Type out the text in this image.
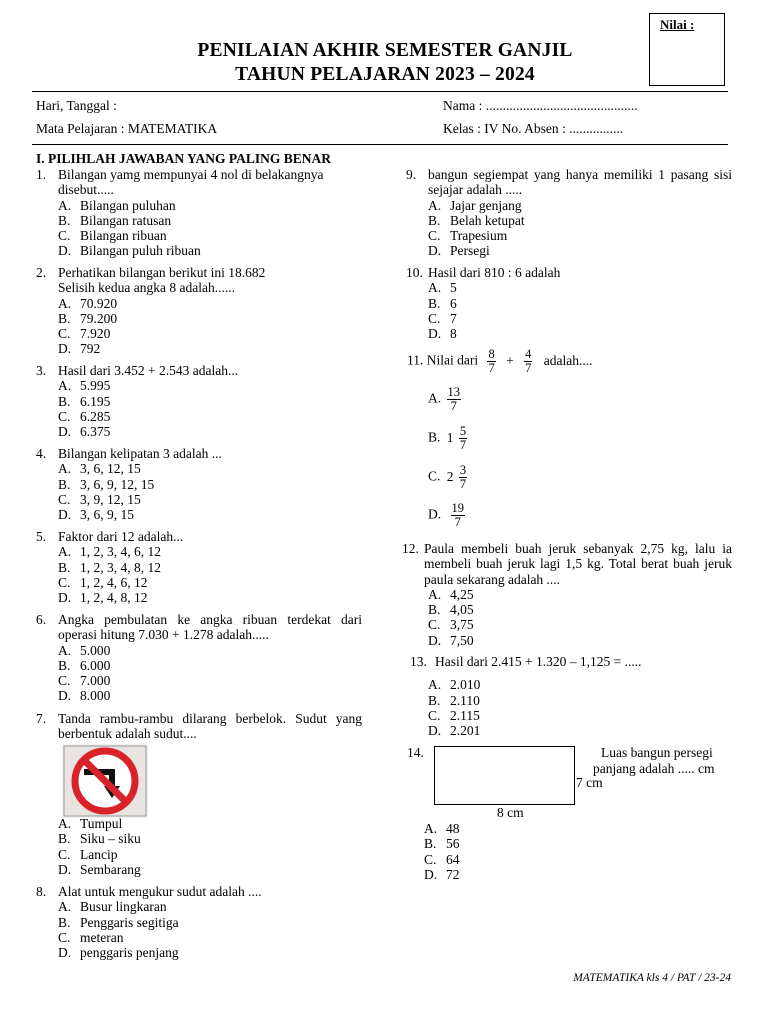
Nilai :
PENILAIAN AKHIR SEMESTER GANJIL
TAHUN PELAJARAN 2023 – 2024
Hari, Tanggal :	Nama : .............................................
Mata Pelajaran : MATEMATIKA	Kelas : IV No. Absen : ................
I. PILIHLAH JAWABAN YANG PALING BENAR
1. Bilangan yamg mempunyai 4 nol di belakangnya disebut.....
A. Bilangan puluhan
B. Bilangan ratusan
C. Bilangan ribuan
D. Bilangan puluh ribuan
2. Perhatikan bilangan berikut ini 18.682
Selisih kedua angka 8 adalah......
A. 70.920
B. 79.200
C. 7.920
D. 792
3. Hasil dari 3.452 + 2.543 adalah...
A. 5.995
B. 6.195
C. 6.285
D. 6.375
4. Bilangan kelipatan 3 adalah ...
A. 3, 6, 12, 15
B. 3, 6, 9, 12, 15
C. 3, 9, 12, 15
D. 3, 6, 9, 15
5. Faktor dari 12 adalah...
A. 1, 2, 3, 4, 6, 12
B. 1, 2, 3, 4, 8, 12
C. 1, 2, 4, 6, 12
D. 1, 2, 4, 8, 12
6. Angka pembulatan ke angka ribuan terdekat dari operasi hitung 7.030 + 1.278 adalah.....
A. 5.000
B. 6.000
C. 7.000
D. 8.000
7. Tanda rambu-rambu dilarang berbelok. Sudut yang berbentuk adalah sudut....
A. Tumpul
B. Siku – siku
C. Lancip
D. Sembarang
8. Alat untuk mengukur sudut adalah ....
A. Busur lingkaran
B. Penggaris segitiga
C. meteran
D. penggaris penjang
9. bangun segiempat yang hanya memiliki 1 pasang sisi sejajar adalah .....
A. Jajar genjang
B. Belah ketupat
C. Trapesium
D. Persegi
10. Hasil dari 810 : 6 adalah
A. 5
B. 6
C. 7
D. 8
11. Nilai dari $\frac{8}{7} + \frac{4}{7}$ adalah....
A. $\frac{13}{7}$
B. $1 \frac{5}{7}$
C. $2 \frac{3}{7}$
D. $\frac{19}{7}$
12. Paula membeli buah jeruk sebanyak 2,75 kg, lalu ia membeli buah jeruk lagi 1,5 kg. Total berat buah jeruk paula sekarang adalah ....
A. 4,25
B. 4,05
C. 3,75
D. 7,50
13. Hasil dari 2.415 + 1.320 – 1,125 = .....
A. 2.010
B. 2.110
C. 2.115
D. 2.201
14.	Luas bangun persegi
panjang adalah ..... cm
7 cm
8 cm
A. 48
B. 56
C. 64
D. 72
MATEMATIKA kls 4 / PAT / 23-24
